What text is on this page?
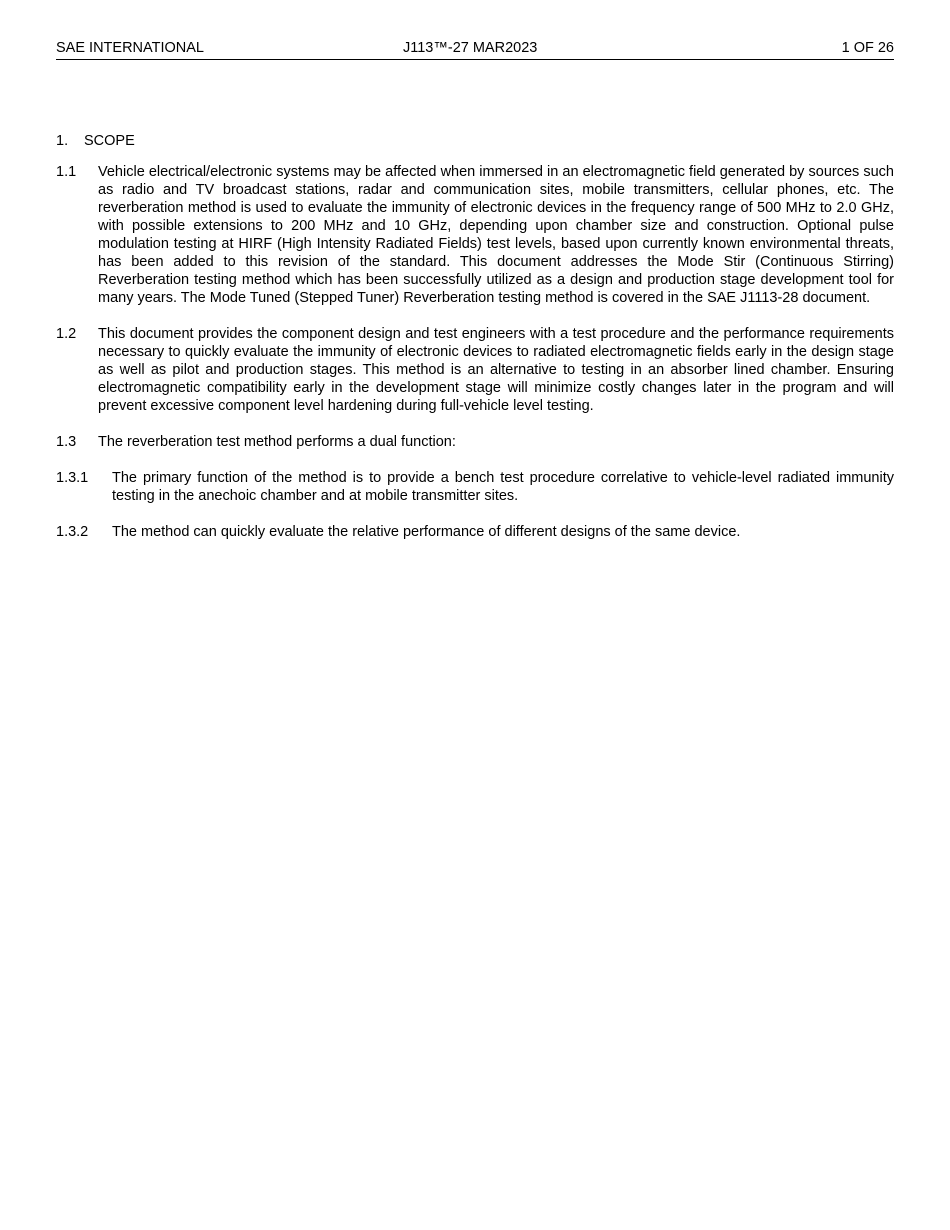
SAE INTERNATIONAL	J113™-27 MAR2023	1 OF 26
1. SCOPE
1.1 Vehicle electrical/electronic systems may be affected when immersed in an electromagnetic field generated by sources such as radio and TV broadcast stations, radar and communication sites, mobile transmitters, cellular phones, etc. The reverberation method is used to evaluate the immunity of electronic devices in the frequency range of 500 MHz to 2.0 GHz, with possible extensions to 200 MHz and 10 GHz, depending upon chamber size and construction. Optional pulse modulation testing at HIRF (High Intensity Radiated Fields) test levels, based upon currently known environmental threats, has been added to this revision of the standard. This document addresses the Mode Stir (Continuous Stirring) Reverberation testing method which has been successfully utilized as a design and production stage development tool for many years. The Mode Tuned (Stepped Tuner) Reverberation testing method is covered in the SAE J1113-28 document.
1.2 This document provides the component design and test engineers with a test procedure and the performance requirements necessary to quickly evaluate the immunity of electronic devices to radiated electromagnetic fields early in the design stage as well as pilot and production stages. This method is an alternative to testing in an absorber lined chamber. Ensuring electromagnetic compatibility early in the development stage will minimize costly changes later in the program and will prevent excessive component level hardening during full-vehicle level testing.
1.3 The reverberation test method performs a dual function:
1.3.1 The primary function of the method is to provide a bench test procedure correlative to vehicle-level radiated immunity testing in the anechoic chamber and at mobile transmitter sites.
1.3.2 The method can quickly evaluate the relative performance of different designs of the same device.
